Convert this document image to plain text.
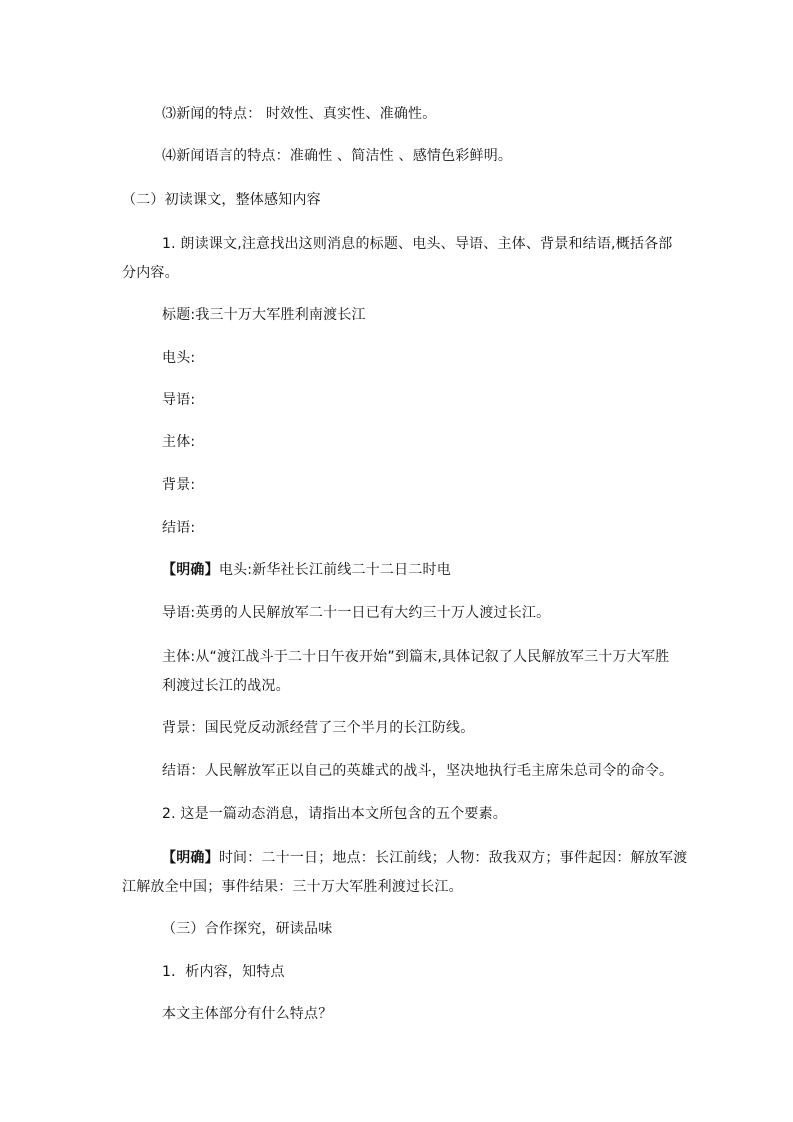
⑶新闻的特点： 时效性、真实性、准确性。
⑷新闻语言的特点：准确性 、简洁性 、感情色彩鲜明。
（二）初读课文，整体感知内容
1. 朗读课文,注意找出这则消息的标题、电头、导语、主体、背景和结语,概括各部
分内容。
标题:我三十万大军胜利南渡长江
电头:
导语:
主体:
背景:
结语:
【明确】电头:新华社长江前线二十二日二时电
导语:英勇的人民解放军二十一日已有大约三十万人渡过长江。
主体:从“渡江战斗于二十日午夜开始”到篇末,具体记叙了人民解放军三十万大军胜
利渡过长江的战况。
背景：国民党反动派经营了三个半月的长江防线。
结语：人民解放军正以自己的英雄式的战斗，坚决地执行毛主席朱总司令的命令。
2. 这是一篇动态消息，请指出本文所包含的五个要素。
【明确】时间：二十一日；地点：长江前线；人物：敌我双方；事件起因：解放军渡
江解放全中国；事件结果：三十万大军胜利渡过长江。
（三）合作探究，研读品味
1．析内容，知特点
本文主体部分有什么特点？
